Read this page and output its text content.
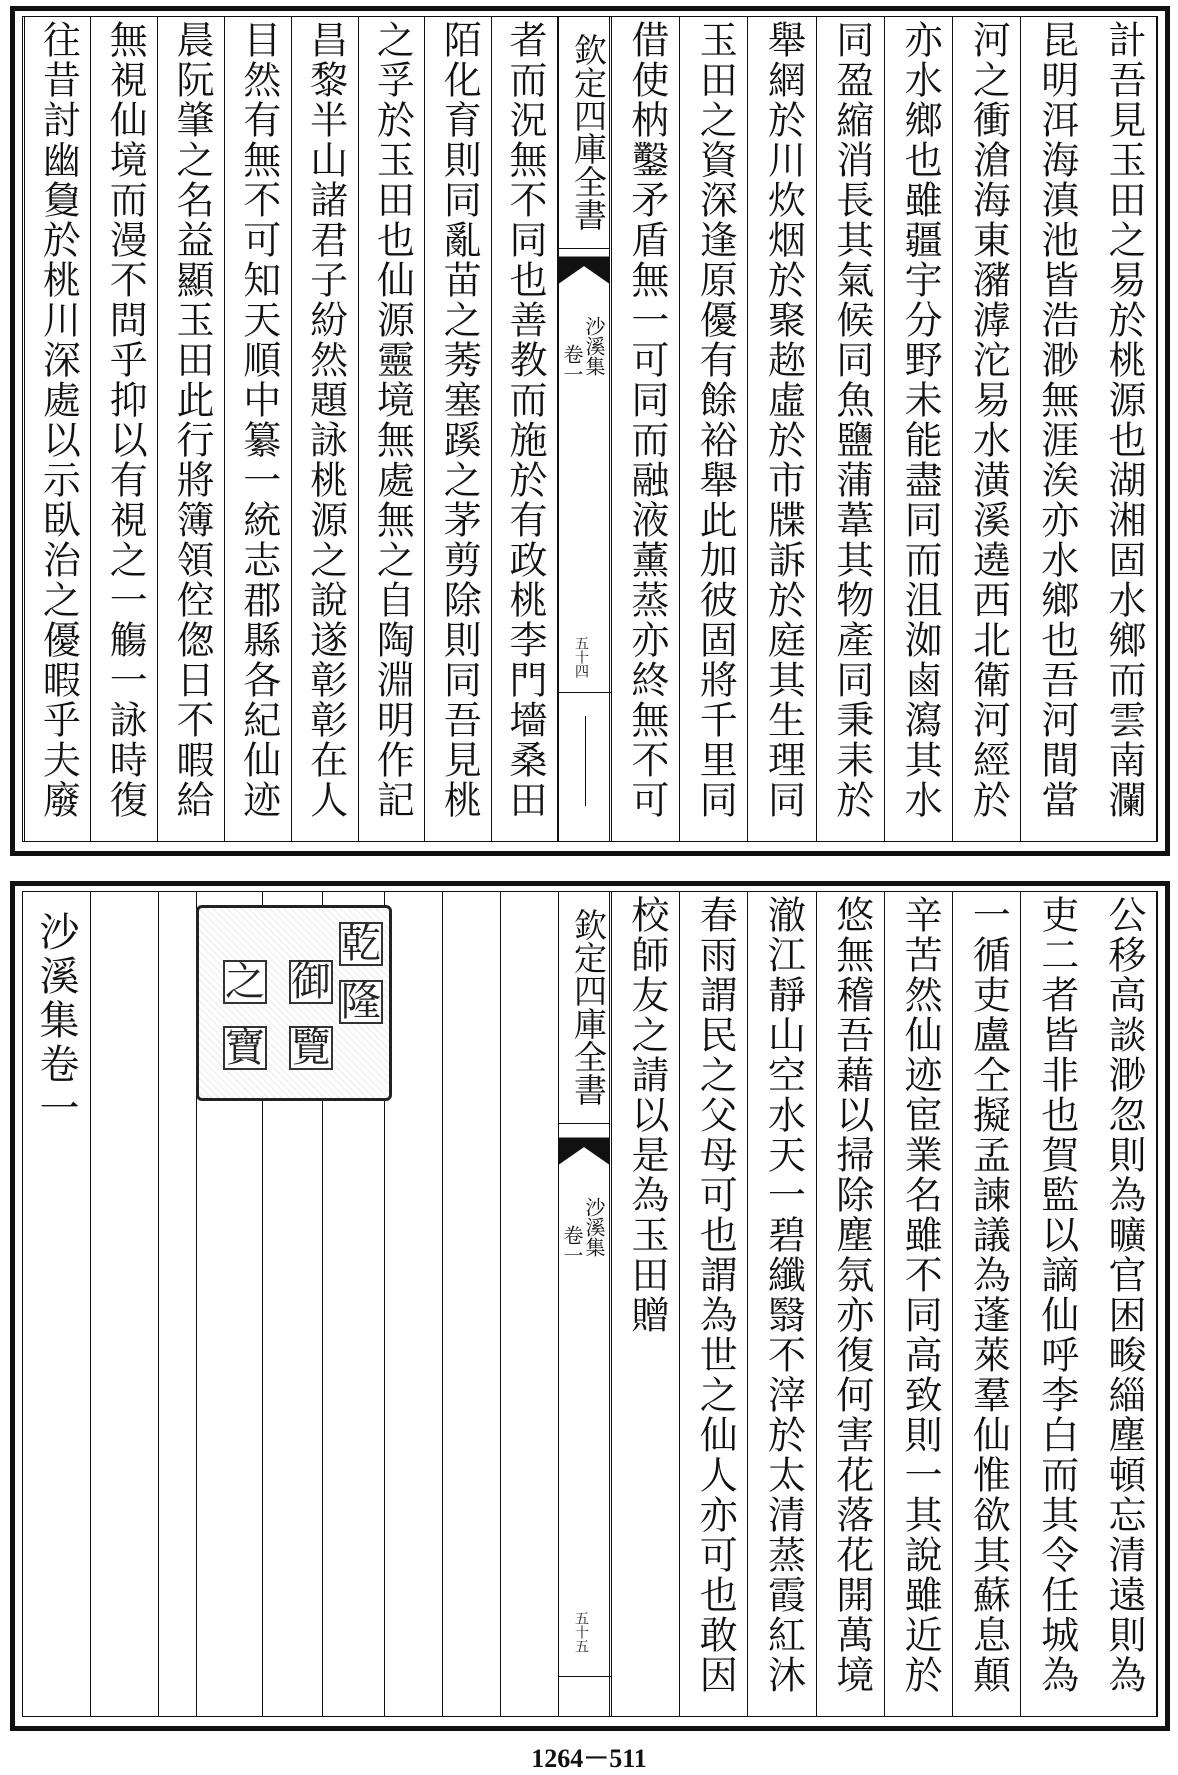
計吾見玉田之易於桃源也湖湘固水鄉而雲南瀾
昆明洱海滇池皆浩渺無涯涘亦水鄉也吾河間當
河之衝滄海東瀦滹沱易水潢溪遶西北衛河經於
亦水鄉也雖疆宇分野未能盡同而沮洳鹵瀉其水
同盈縮消長其氣候同魚鹽蒲葦其物產同秉耒於
舉網於川炊烟於聚趂虛於市牒訴於庭其生理同
玉田之資深逢原優有餘裕舉此加彼固將千里同
借使枘鑿矛盾無一可同而融液薰蒸亦終無不可
欽定四庫全書
沙溪集
卷一
五十四
者而況無不同也善教而施於有政桃李門墻桑田
陌化育則同亂苗之莠塞蹊之茅剪除則同吾見桃
之孚於玉田也仙源靈境無處無之自陶淵明作記
昌黎半山諸君子紛然題詠桃源之說遂彰彰在人
目然有無不可知天順中纂一統志郡縣各紀仙迹
晨阮肇之名益顯玉田此行將簿領倥偬日不暇給
無視仙境而漫不問乎抑以有視之一觴一詠時復
往昔討幽敻於桃川深處以示臥治之優暇乎夫廢
公移高談渺忽則為曠官困畯緇塵頓忘清遠則為
吏二者皆非也賀監以謫仙呼李白而其令任城為
一循吏盧仝擬孟諫議為蓬萊羣仙惟欲其蘇息顛
辛苦然仙迹宦業名雖不同高致則一其說雖近於
悠無稽吾藉以掃除塵氛亦復何害花落花開萬境
澈江靜山空水天一碧纖翳不滓於太清蒸霞紅沐
春雨謂民之父母可也謂為世之仙人亦可也敢因
校師友之請以是為玉田贈
欽定四庫全書
沙溪集
卷一
五十五
乾
隆
御
覽
之
寶
沙溪集卷一
1264－511
